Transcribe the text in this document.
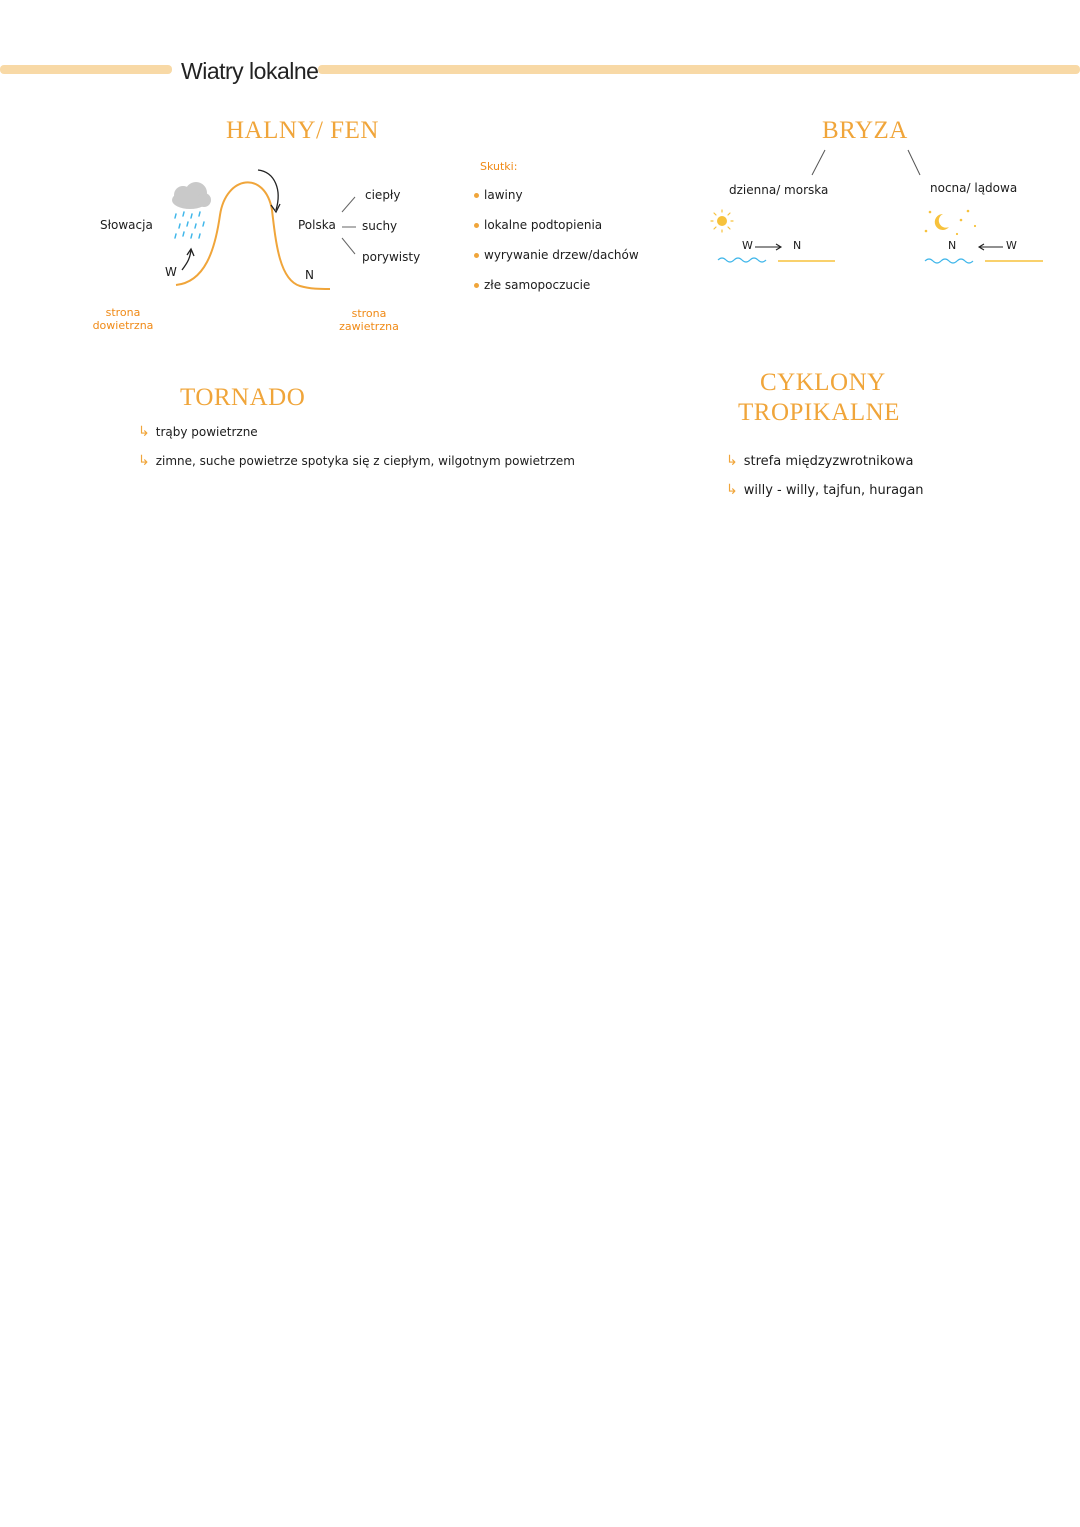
Wiatry lokalne
HALNY/ FEN
Słowacja
W
strona
dowietrzna
Polska
N
strona
zawietrzna
ciepły
suchy
porywisty
Skutki:
lawiny
lokalne podtopienia
wyrywanie drzew/dachów
złe samopoczucie
BRYZA
dzienna/ morska	nocna/ lądowa
W	N	N	W
TORNADO
↳ trąby powietrzne
↳ zimne, suche powietrze spotyka się z ciepłym, wilgotnym powietrzem
CYKLONY
TROPIKALNE
↳ strefa międzyzwrotnikowa
↳ willy - willy, tajfun, huragan
